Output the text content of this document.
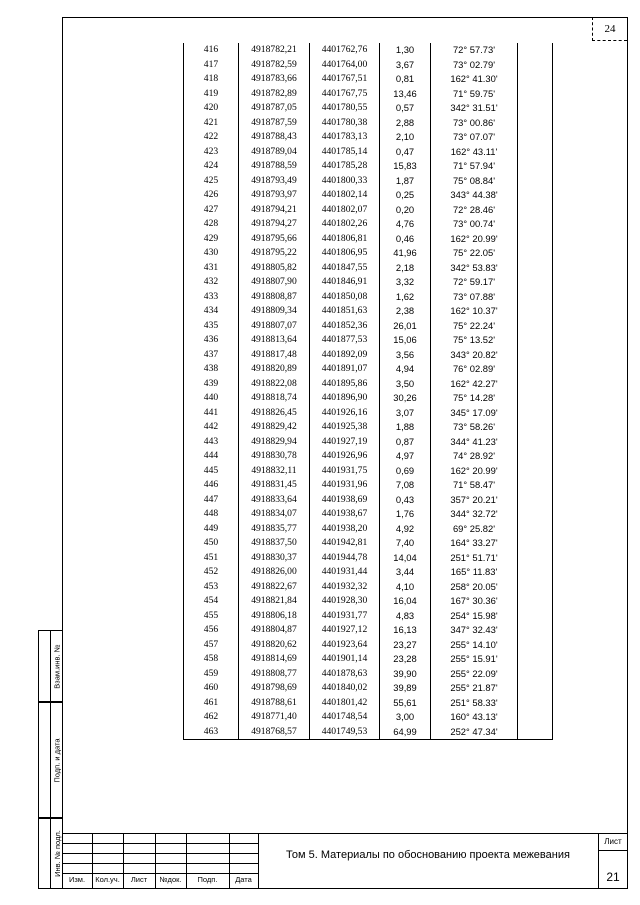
24
416	4918782,21	4401762,76	1,30	72° 57.73'	
417	4918782,59	4401764,00	3,67	73° 02.79'	
418	4918783,66	4401767,51	0,81	162° 41.30'	
419	4918782,89	4401767,75	13,46	71° 59.75'	
420	4918787,05	4401780,55	0,57	342° 31.51'	
421	4918787,59	4401780,38	2,88	73° 00.86'	
422	4918788,43	4401783,13	2,10	73° 07.07'	
423	4918789,04	4401785,14	0,47	162° 43.11'	
424	4918788,59	4401785,28	15,83	71° 57.94'	
425	4918793,49	4401800,33	1,87	75° 08.84'	
426	4918793,97	4401802,14	0,25	343° 44.38'	
427	4918794,21	4401802,07	0,20	72° 28.46'	
428	4918794,27	4401802,26	4,76	73° 00.74'	
429	4918795,66	4401806,81	0,46	162° 20.99'	
430	4918795,22	4401806,95	41,96	75° 22.05'	
431	4918805,82	4401847,55	2,18	342° 53.83'	
432	4918807,90	4401846,91	3,32	72° 59.17'	
433	4918808,87	4401850,08	1,62	73° 07.88'	
434	4918809,34	4401851,63	2,38	162° 10.37'	
435	4918807,07	4401852,36	26,01	75° 22.24'	
436	4918813,64	4401877,53	15,06	75° 13.52'	
437	4918817,48	4401892,09	3,56	343° 20.82'	
438	4918820,89	4401891,07	4,94	76° 02.89'	
439	4918822,08	4401895,86	3,50	162° 42.27'	
440	4918818,74	4401896,90	30,26	75° 14.28'	
441	4918826,45	4401926,16	3,07	345° 17.09'	
442	4918829,42	4401925,38	1,88	73° 58.26'	
443	4918829,94	4401927,19	0,87	344° 41.23'	
444	4918830,78	4401926,96	4,97	74° 28.92'	
445	4918832,11	4401931,75	0,69	162° 20.99'	
446	4918831,45	4401931,96	7,08	71° 58.47'	
447	4918833,64	4401938,69	0,43	357° 20.21'	
448	4918834,07	4401938,67	1,76	344° 32.72'	
449	4918835,77	4401938,20	4,92	69° 25.82'	
450	4918837,50	4401942,81	7,40	164° 33.27'	
451	4918830,37	4401944,78	14,04	251° 51.71'	
452	4918826,00	4401931,44	3,44	165° 11.83'	
453	4918822,67	4401932,32	4,10	258° 20.05'	
454	4918821,84	4401928,30	16,04	167° 30.36'	
455	4918806,18	4401931,77	4,83	254° 15.98'	
456	4918804,87	4401927,12	16,13	347° 32.43'	
457	4918820,62	4401923,64	23,27	255° 14.10'	
458	4918814,69	4401901,14	23,28	255° 15.91'	
459	4918808,77	4401878,63	39,90	255° 22.09'	
460	4918798,69	4401840,02	39,89	255° 21.87'	
461	4918788,61	4401801,42	55,61	251° 58.33'	
462	4918771,40	4401748,54	3,00	160° 43.13'	
463	4918768,57	4401749,53	64,99	252° 47.34'	
Взам.инв. №
Подп. и дата
Инв. № подл.
Изм.	Кол.уч.	Лист	№док.	Подп.	Дата
Том 5. Материалы по обоснованию проекта межевания
Лист
21
